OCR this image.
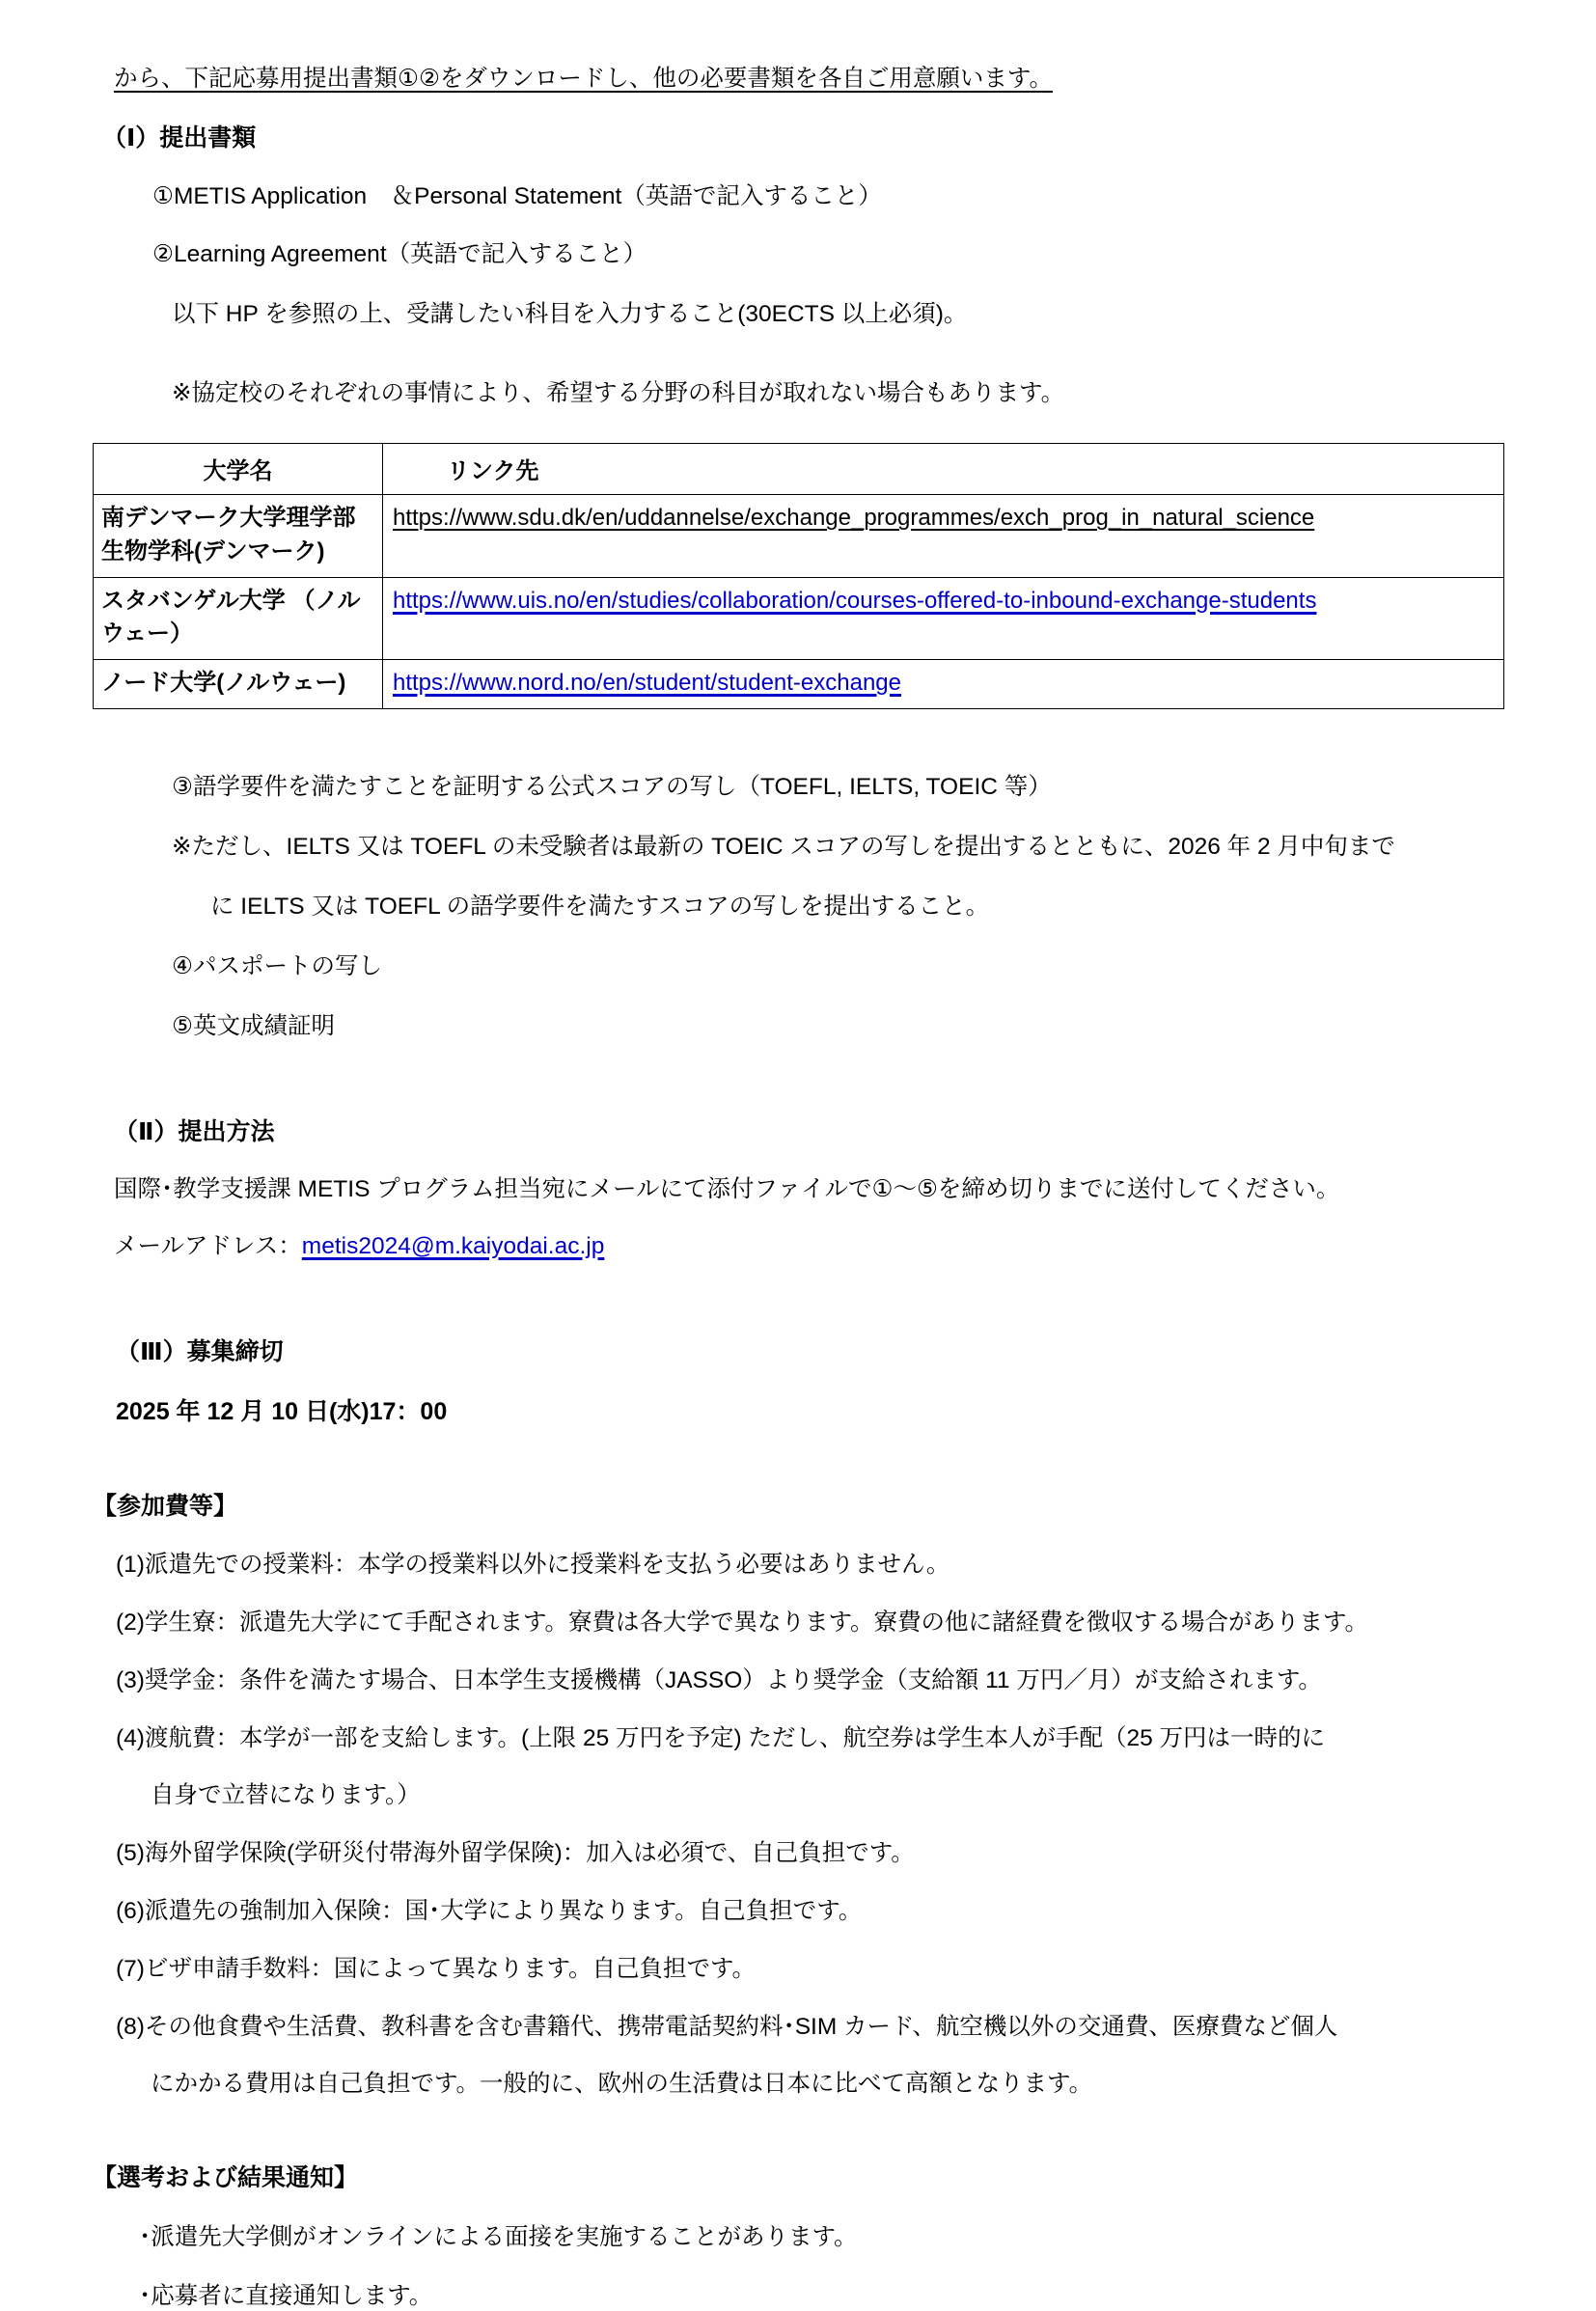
から、下記応募用提出書類①②をダウンロードし、他の必要書類を各自ご用意願います。
（Ⅰ）提出書類
①METIS Application　＆Personal Statement（英語で記入すること）
②Learning Agreement（英語で記入すること）
以下 HP を参照の上、受講したい科目を入力すること(30ECTS 以上必須)。
※協定校のそれぞれの事情により、希望する分野の科目が取れない場合もあります。
大学名	リンク先

南デンマーク大学理学部 生物学科(デンマーク)	https://www.sdu.dk/en/uddannelse/exchange_programmes/exch_prog_in_natural_science

スタバンゲル大学 （ノルウェー）	https://www.uis.no/en/studies/collaboration/courses-offered-to-inbound-exchange-students

ノード大学(ノルウェー)	https://www.nord.no/en/student/student-exchange
③語学要件を満たすことを証明する公式スコアの写し（TOEFL, IELTS, TOEIC 等）
※ただし、IELTS 又は TOEFL の未受験者は最新の TOEIC スコアの写しを提出するとともに、2026 年 2 月中旬まで
に IELTS 又は TOEFL の語学要件を満たすスコアの写しを提出すること。
④パスポートの写し
⑤英文成績証明
（Ⅱ）提出方法
国際･教学支援課 METIS プログラム担当宛にメールにて添付ファイルで①～⑤を締め切りまでに送付してください。
メールアドレス：metis2024@m.kaiyodai.ac.jp
（Ⅲ）募集締切
2025 年 12 月 10 日(水)17：00
【参加費等】
(1)派遣先での授業料：本学の授業料以外に授業料を支払う必要はありません。
(2)学生寮：派遣先大学にて手配されます。寮費は各大学で異なります。寮費の他に諸経費を徴収する場合があります。
(3)奨学金：条件を満たす場合、日本学生支援機構（JASSO）より奨学金（支給額 11 万円／月）が支給されます。
(4)渡航費：本学が一部を支給します。(上限 25 万円を予定) ただし、航空券は学生本人が手配（25 万円は一時的に
自身で立替になります。）
(5)海外留学保険(学研災付帯海外留学保険)：加入は必須で、自己負担です。
(6)派遣先の強制加入保険：国･大学により異なります。自己負担です。
(7)ビザ申請手数料：国によって異なります。自己負担です。
(8)その他食費や生活費、教科書を含む書籍代、携帯電話契約料･SIM カード、航空機以外の交通費、医療費など個人
にかかる費用は自己負担です。一般的に、欧州の生活費は日本に比べて高額となります。
【選考および結果通知】
･派遣先大学側がオンラインによる面接を実施することがあります。
･応募者に直接通知します。
